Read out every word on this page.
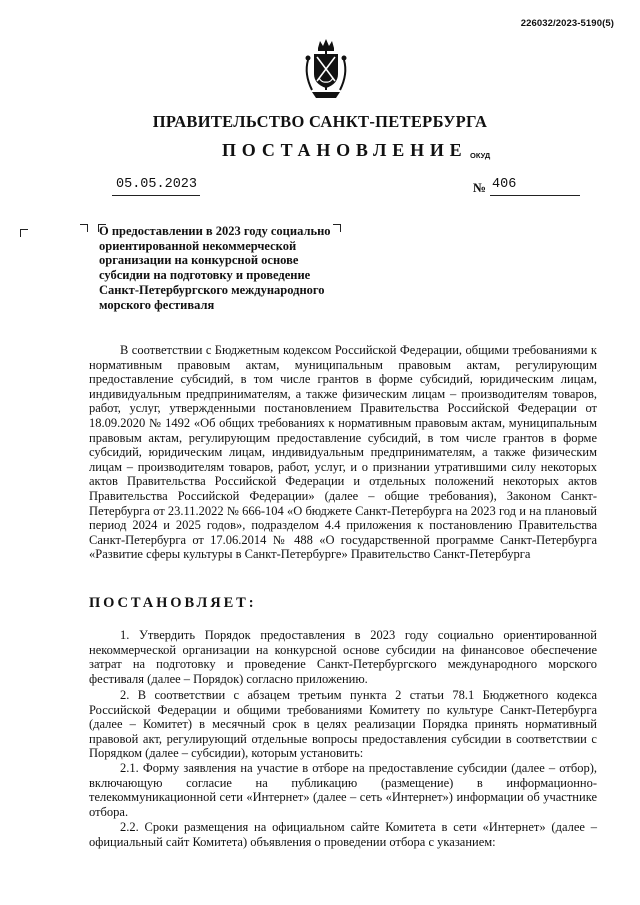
226032/2023-5190(5)
ПРАВИТЕЛЬСТВО САНКТ-ПЕТЕРБУРГА
ПОСТАНОВЛЕНИЕ ОКУД
05.05.2023	№ 406
О предоставлении в 2023 году социально
ориентированной некоммерческой
организации на конкурсной основе
субсидии на подготовку и проведение
Санкт-Петербургского международного
морского фестиваля
В соответствии с Бюджетным кодексом Российской Федерации, общими требованиями к нормативным правовым актам, муниципальным правовым актам, регулирующим предоставление субсидий, в том числе грантов в форме субсидий, юридическим лицам, индивидуальным предпринимателям, а также физическим лицам – производителям товаров, работ, услуг, утвержденными постановлением Правительства Российской Федерации от 18.09.2020 № 1492 «Об общих требованиях к нормативным правовым актам, муниципальным правовым актам, регулирующим предоставление субсидий, в том числе грантов в форме субсидий, юридическим лицам, индивидуальным предпринимателям, а также физическим лицам – производителям товаров, работ, услуг, и о признании утратившими силу некоторых актов Правительства Российской Федерации и отдельных положений некоторых актов Правительства Российской Федерации» (далее – общие требования), Законом Санкт-Петербурга от 23.11.2022 № 666-104 «О бюджете Санкт-Петербурга на 2023 год и на плановый период 2024 и 2025 годов», подразделом 4.4 приложения к постановлению Правительства Санкт-Петербурга от 17.06.2014 № 488 «О государственной программе Санкт-Петербурга «Развитие сферы культуры в Санкт-Петербурге» Правительство Санкт-Петербурга
ПОСТАНОВЛЯЕТ:
1. Утвердить Порядок предоставления в 2023 году социально ориентированной некоммерческой организации на конкурсной основе субсидии на финансовое обеспечение затрат на подготовку и проведение Санкт-Петербургского международного морского фестиваля (далее – Порядок) согласно приложению.
2. В соответствии с абзацем третьим пункта 2 статьи 78.1 Бюджетного кодекса Российской Федерации и общими требованиями Комитету по культуре Санкт-Петербурга (далее – Комитет) в месячный срок в целях реализации Порядка принять нормативный правовой акт, регулирующий отдельные вопросы предоставления субсидии в соответствии с Порядком (далее – субсидии), которым установить:
2.1. Форму заявления на участие в отборе на предоставление субсидии (далее – отбор), включающую согласие на публикацию (размещение) в информационно-телекоммуникационной сети «Интернет» (далее – сеть «Интернет») информации об участнике отбора.
2.2. Сроки размещения на официальном сайте Комитета в сети «Интернет» (далее – официальный сайт Комитета) объявления о проведении отбора с указанием:
